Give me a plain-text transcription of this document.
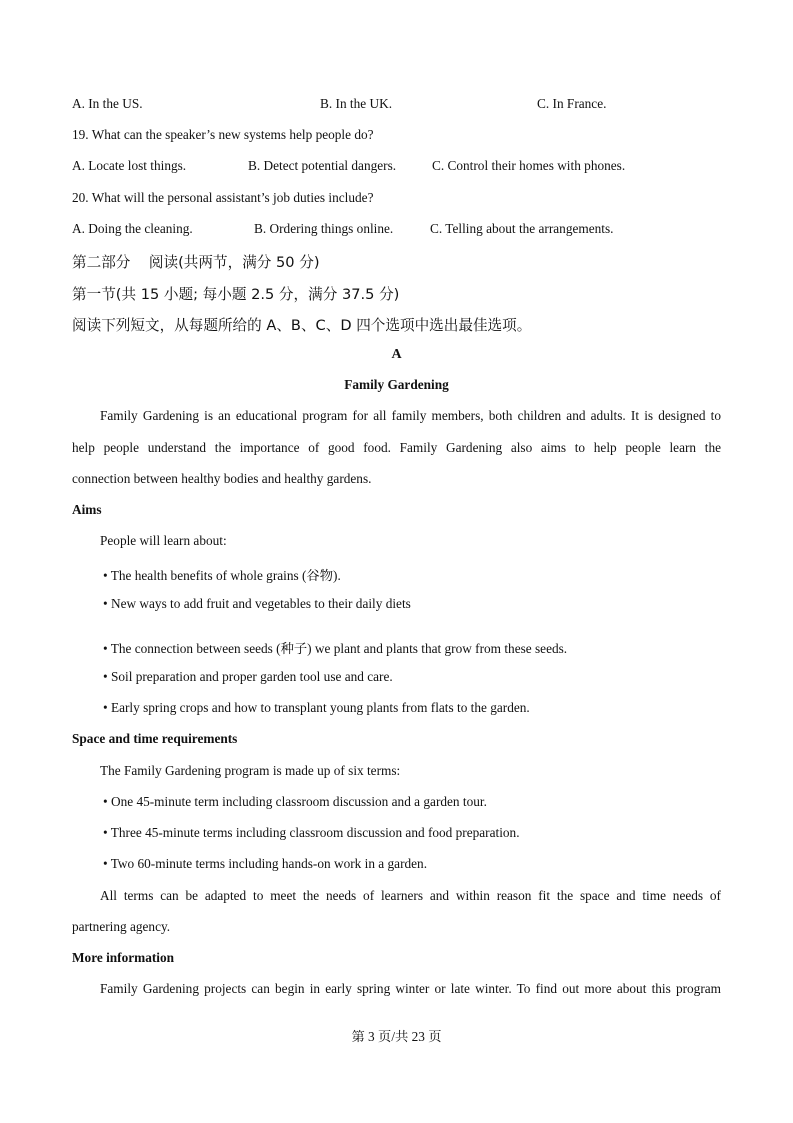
A. In the US.	B. In the UK.	C. In France.
19. What can the speaker’s new systems help people do?
A. Locate lost things.	B. Detect potential dangers.	C. Control their homes with phones.
20. What will the personal assistant’s job duties include?
A. Doing the cleaning.	B. Ordering things online.	C. Telling about the arrangements.
第二部分    阅读(共两节，满分 50 分)
第一节(共 15 小题; 每小题 2.5 分，满分 37.5 分)
阅读下列短文，从每题所给的 A、B、C、D 四个选项中选出最佳选项。
A
Family Gardening
Family Gardening is an educational program for all family members, both children and adults. It is designed to
help people understand the importance of good food. Family Gardening also aims to help people learn the
connection between healthy bodies and healthy gardens.
Aims
People will learn about:
• The health benefits of whole grains (谷物).
• New ways to add fruit and vegetables to their daily diets
• The connection between seeds (种子) we plant and plants that grow from these seeds.
• Soil preparation and proper garden tool use and care.
• Early spring crops and how to transplant young plants from flats to the garden.
Space and time requirements
The Family Gardening program is made up of six terms:
• One 45-minute term including classroom discussion and a garden tour.
• Three 45-minute terms including classroom discussion and food preparation.
• Two 60-minute terms including hands-on work in a garden.
All terms can be adapted to meet the needs of learners and within reason fit the space and time needs of
partnering agency.
More information
Family Gardening projects can begin in early spring winter or late winter. To find out more about this program
第 3 页/共 23 页
